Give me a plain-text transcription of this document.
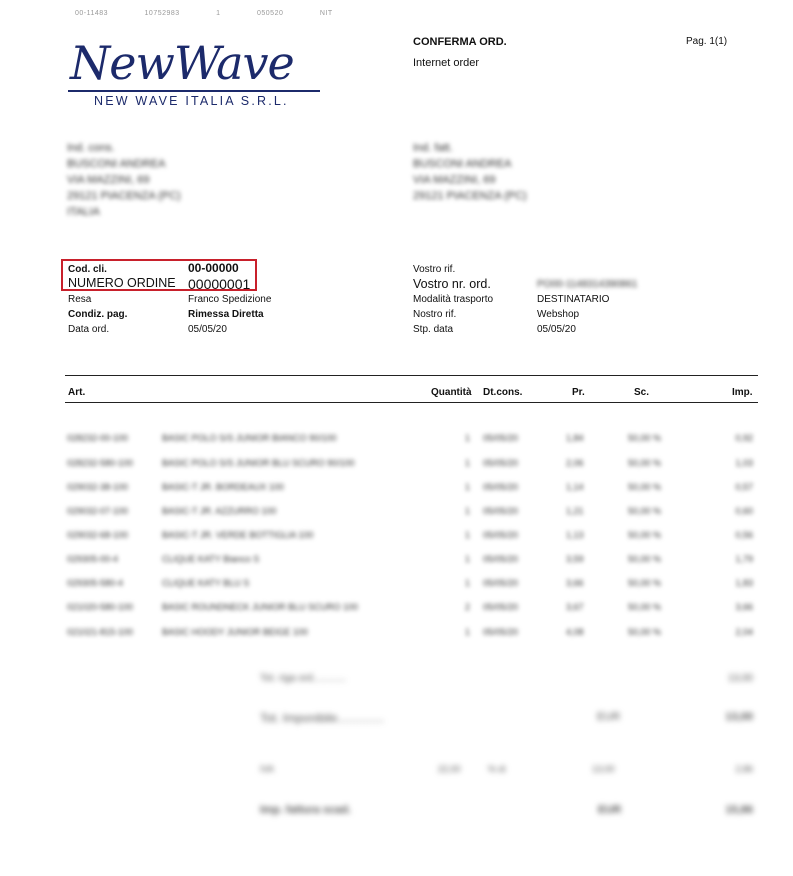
00-11483	10752983	1	050520	NIT
NewWave
NEW WAVE ITALIA S.R.L.
CONFERMA ORD.
Internet order
Pag. 1(1)
Ind. cons.
BUSCONI ANDREA
VIA MAZZINI, 69
29121 PIACENZA (PC)
ITALIA
Ind. fatt.
BUSCONI ANDREA
VIA MAZZINI, 69
29121 PIACENZA (PC)
Cod. cli.	00-00000
NUMERO ORDINE 00000001
Resa	Franco Spedizione
Condiz. pag.	Rimessa Diretta
Data ord.	05/05/20
Vostro rif.
Vostro nr. ord.	PO00-1148314390861
Modalità trasporto	DESTINATARIO
Nostro rif.	Webshop
Stp. data	05/05/20
Art.	Quantità Dt.cons.	Pr.	Sc.	Imp.
028232-00-100	BASIC POLO S/S JUNIOR BIANCO 90/100	1 05/05/20	1,84	50,00 %	0,92
028232-580-100	BASIC POLO S/S JUNIOR BLU SCURO 90/100	1 05/05/20	2,06	50,00 %	1,03
029032-38-100	BASIC-T JR. BORDEAUX 100	1 05/05/20	1,14	50,00 %	0,57
029032-07-100	BASIC-T JR. AZZURRO 100	1 05/05/20	1,21	50,00 %	0,60
029032-68-100	BASIC-T JR. VERDE BOTTIGLIA 100	1 05/05/20	1,13	50,00 %	0,56
029305-00-4	CLIQUE KATY Bianco S	1 05/05/20	3,59	50,00 %	1,79
029305-580-4	CLIQUE KATY BLU S	1 05/05/20	3,66	50,00 %	1,83
021020-580-100	BASIC ROUNDNECK JUNIOR BLU SCURO 100	2 05/05/20	3,67	50,00 %	3,66
021021-815-100	BASIC HOODY JUNIOR BEIGE 100	1 05/05/20	4,08	50,00 %	2,04
Tot. riga ord............	13,00
Tot. Imponibile..............	EUR	13,00
IVA	22,00	% di	13,00	2,86
Imp. fattura scad.	EUR	15,86
